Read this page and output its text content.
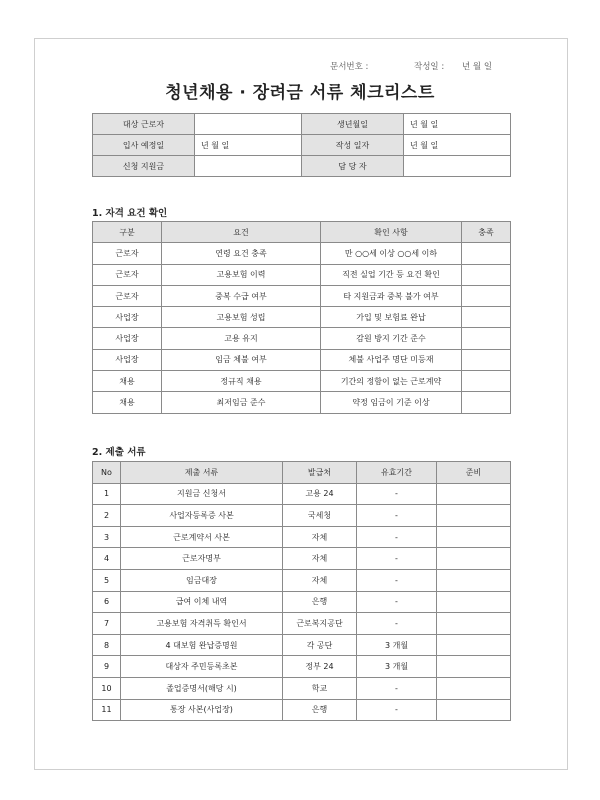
문서번호 :	작성일 : 년 월 일
청년채용 · 장려금 서류 체크리스트
대상 근로자		생년월일	년 월 일
입사 예정일	년 월 일	작성 일자	년 월 일
신청 지원금		담 당 자	
1. 자격 요건 확인
구분	요건	확인 사항	충족
근로자	연령 요건 충족	만 ○○세 이상 ○○세 이하	
근로자	고용보험 이력	직전 실업 기간 등 요건 확인	
근로자	중복 수급 여부	타 지원금과 중복 불가 여부	
사업장	고용보험 성립	가입 및 보험료 완납	
사업장	고용 유지	감원 방지 기간 준수	
사업장	임금 체불 여부	체불 사업주 명단 미등재	
채용	정규직 채용	기간의 정함이 없는 근로계약	
채용	최저임금 준수	약정 임금이 기준 이상	
2. 제출 서류
No	제출 서류	발급처	유효기간	준비
1	지원금 신청서	고용 24	-	
2	사업자등록증 사본	국세청	-	
3	근로계약서 사본	자체	-	
4	근로자명부	자체	-	
5	임금대장	자체	-	
6	급여 이체 내역	은행	-	
7	고용보험 자격취득 확인서	근로복지공단	-	
8	4 대보험 완납증명원	각 공단	3 개월	
9	대상자 주민등록초본	정부 24	3 개월	
10	졸업증명서(해당 시)	학교	-	
11	통장 사본(사업장)	은행	-	
